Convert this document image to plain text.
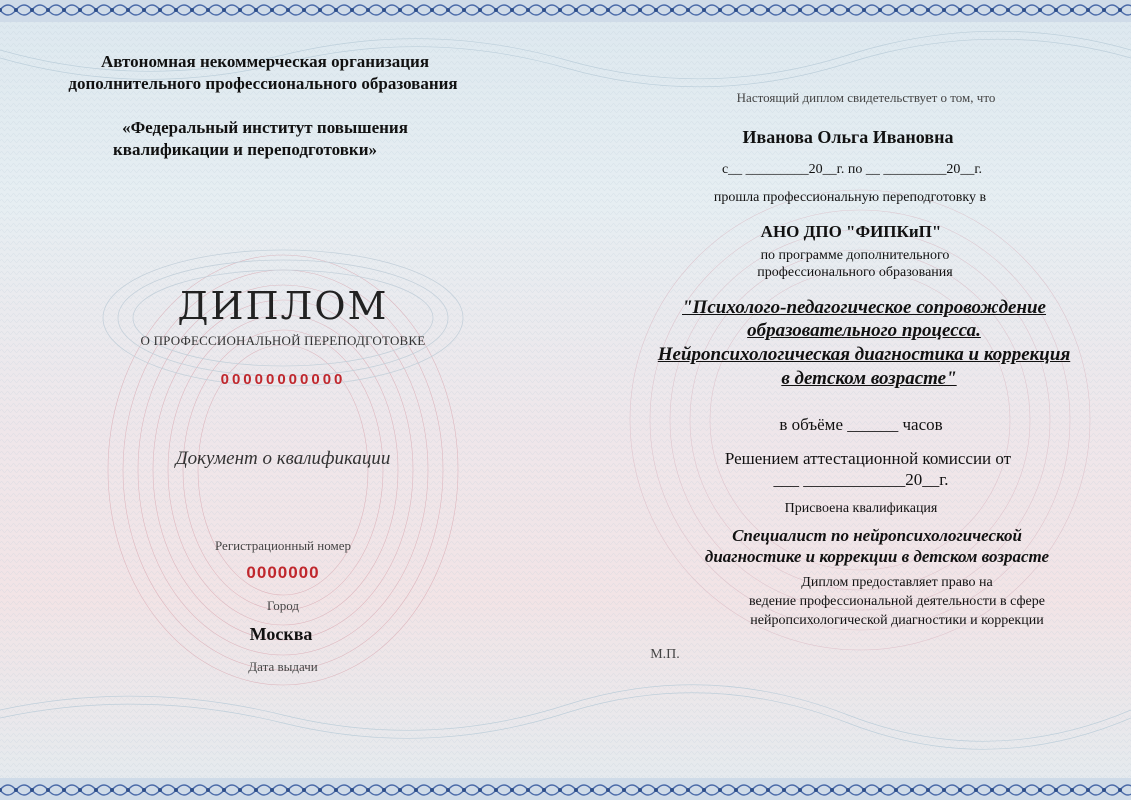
Автономная некоммерческая организация
дополнительного профессионального образования
«Федеральный институт повышения
квалификации и переподготовки»
ДИПЛОМ
О ПРОФЕССИОНАЛЬНОЙ ПЕРЕПОДГОТОВКЕ
00000000000
Документ о квалификации
Регистрационный номер
0000000
Город
Москва
Дата выдачи
Настоящий диплом свидетельствует о том, что
Иванова Ольга Ивановна
с__ _________20__г. по __ _________20__г.
прошла профессиональную переподготовку в
АНО ДПО "ФИПКиП"
по программе дополнительного
профессионального образования
"Психолого-педагогическое сопровождение
образовательного процесса.
Нейропсихологическая диагностика и коррекция
в детском возрасте"
в объёме ______ часов
Решением аттестационной комиссии от
___ ____________20__г.
Присвоена квалификация
Специалист по нейропсихологической
диагностике и коррекции в детском возрасте
Диплом предоставляет право на
ведение профессиональной деятельности в сфере
нейропсихологической диагностики и коррекции
М.П.
